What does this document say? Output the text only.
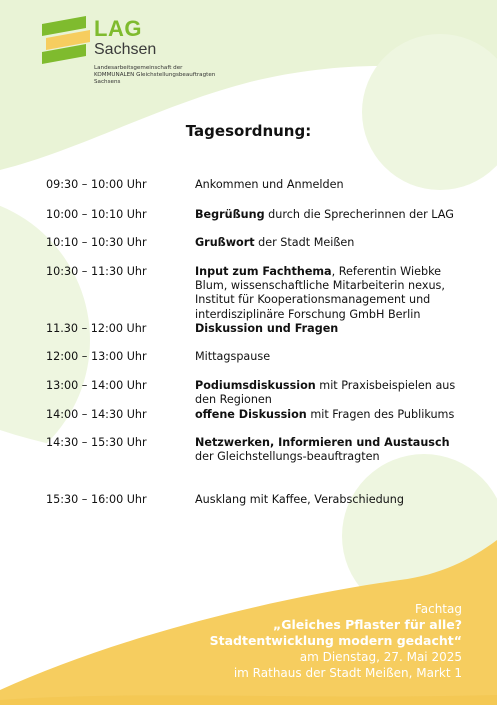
LAG
Sachsen
Landesarbeitsgemeinschaft der
KOMMUNALEN Gleichstellungsbeauftragten
Sachsens
Tagesordnung:
09:30 – 10:00 Uhr	Ankommen und Anmelden
10:00 – 10:10 Uhr	Begrüßung durch die Sprecherinnen der LAG
10:10 – 10:30 Uhr	Grußwort der Stadt Meißen
10:30 – 11:30 Uhr	Input zum Fachthema, Referentin Wiebke Blum, wissenschaftliche Mitarbeiterin nexus, Institut für Kooperationsmanagement und interdisziplinäre Forschung GmbH Berlin
11.30 – 12:00 Uhr	Diskussion und Fragen
12:00 – 13:00 Uhr	Mittagspause
13:00 – 14:00 Uhr	Podiumsdiskussion mit Praxisbeispielen aus den Regionen
14:00 – 14:30 Uhr	offene Diskussion mit Fragen des Publikums
14:30 – 15:30 Uhr	Netzwerken, Informieren und Austausch der Gleichstellungs-beauftragten
15:30 – 16:00 Uhr	Ausklang mit Kaffee, Verabschiedung
Fachtag
„Gleiches Pflaster für alle?
Stadtentwicklung modern gedacht“
am Dienstag, 27. Mai 2025
im Rathaus der Stadt Meißen, Markt 1
